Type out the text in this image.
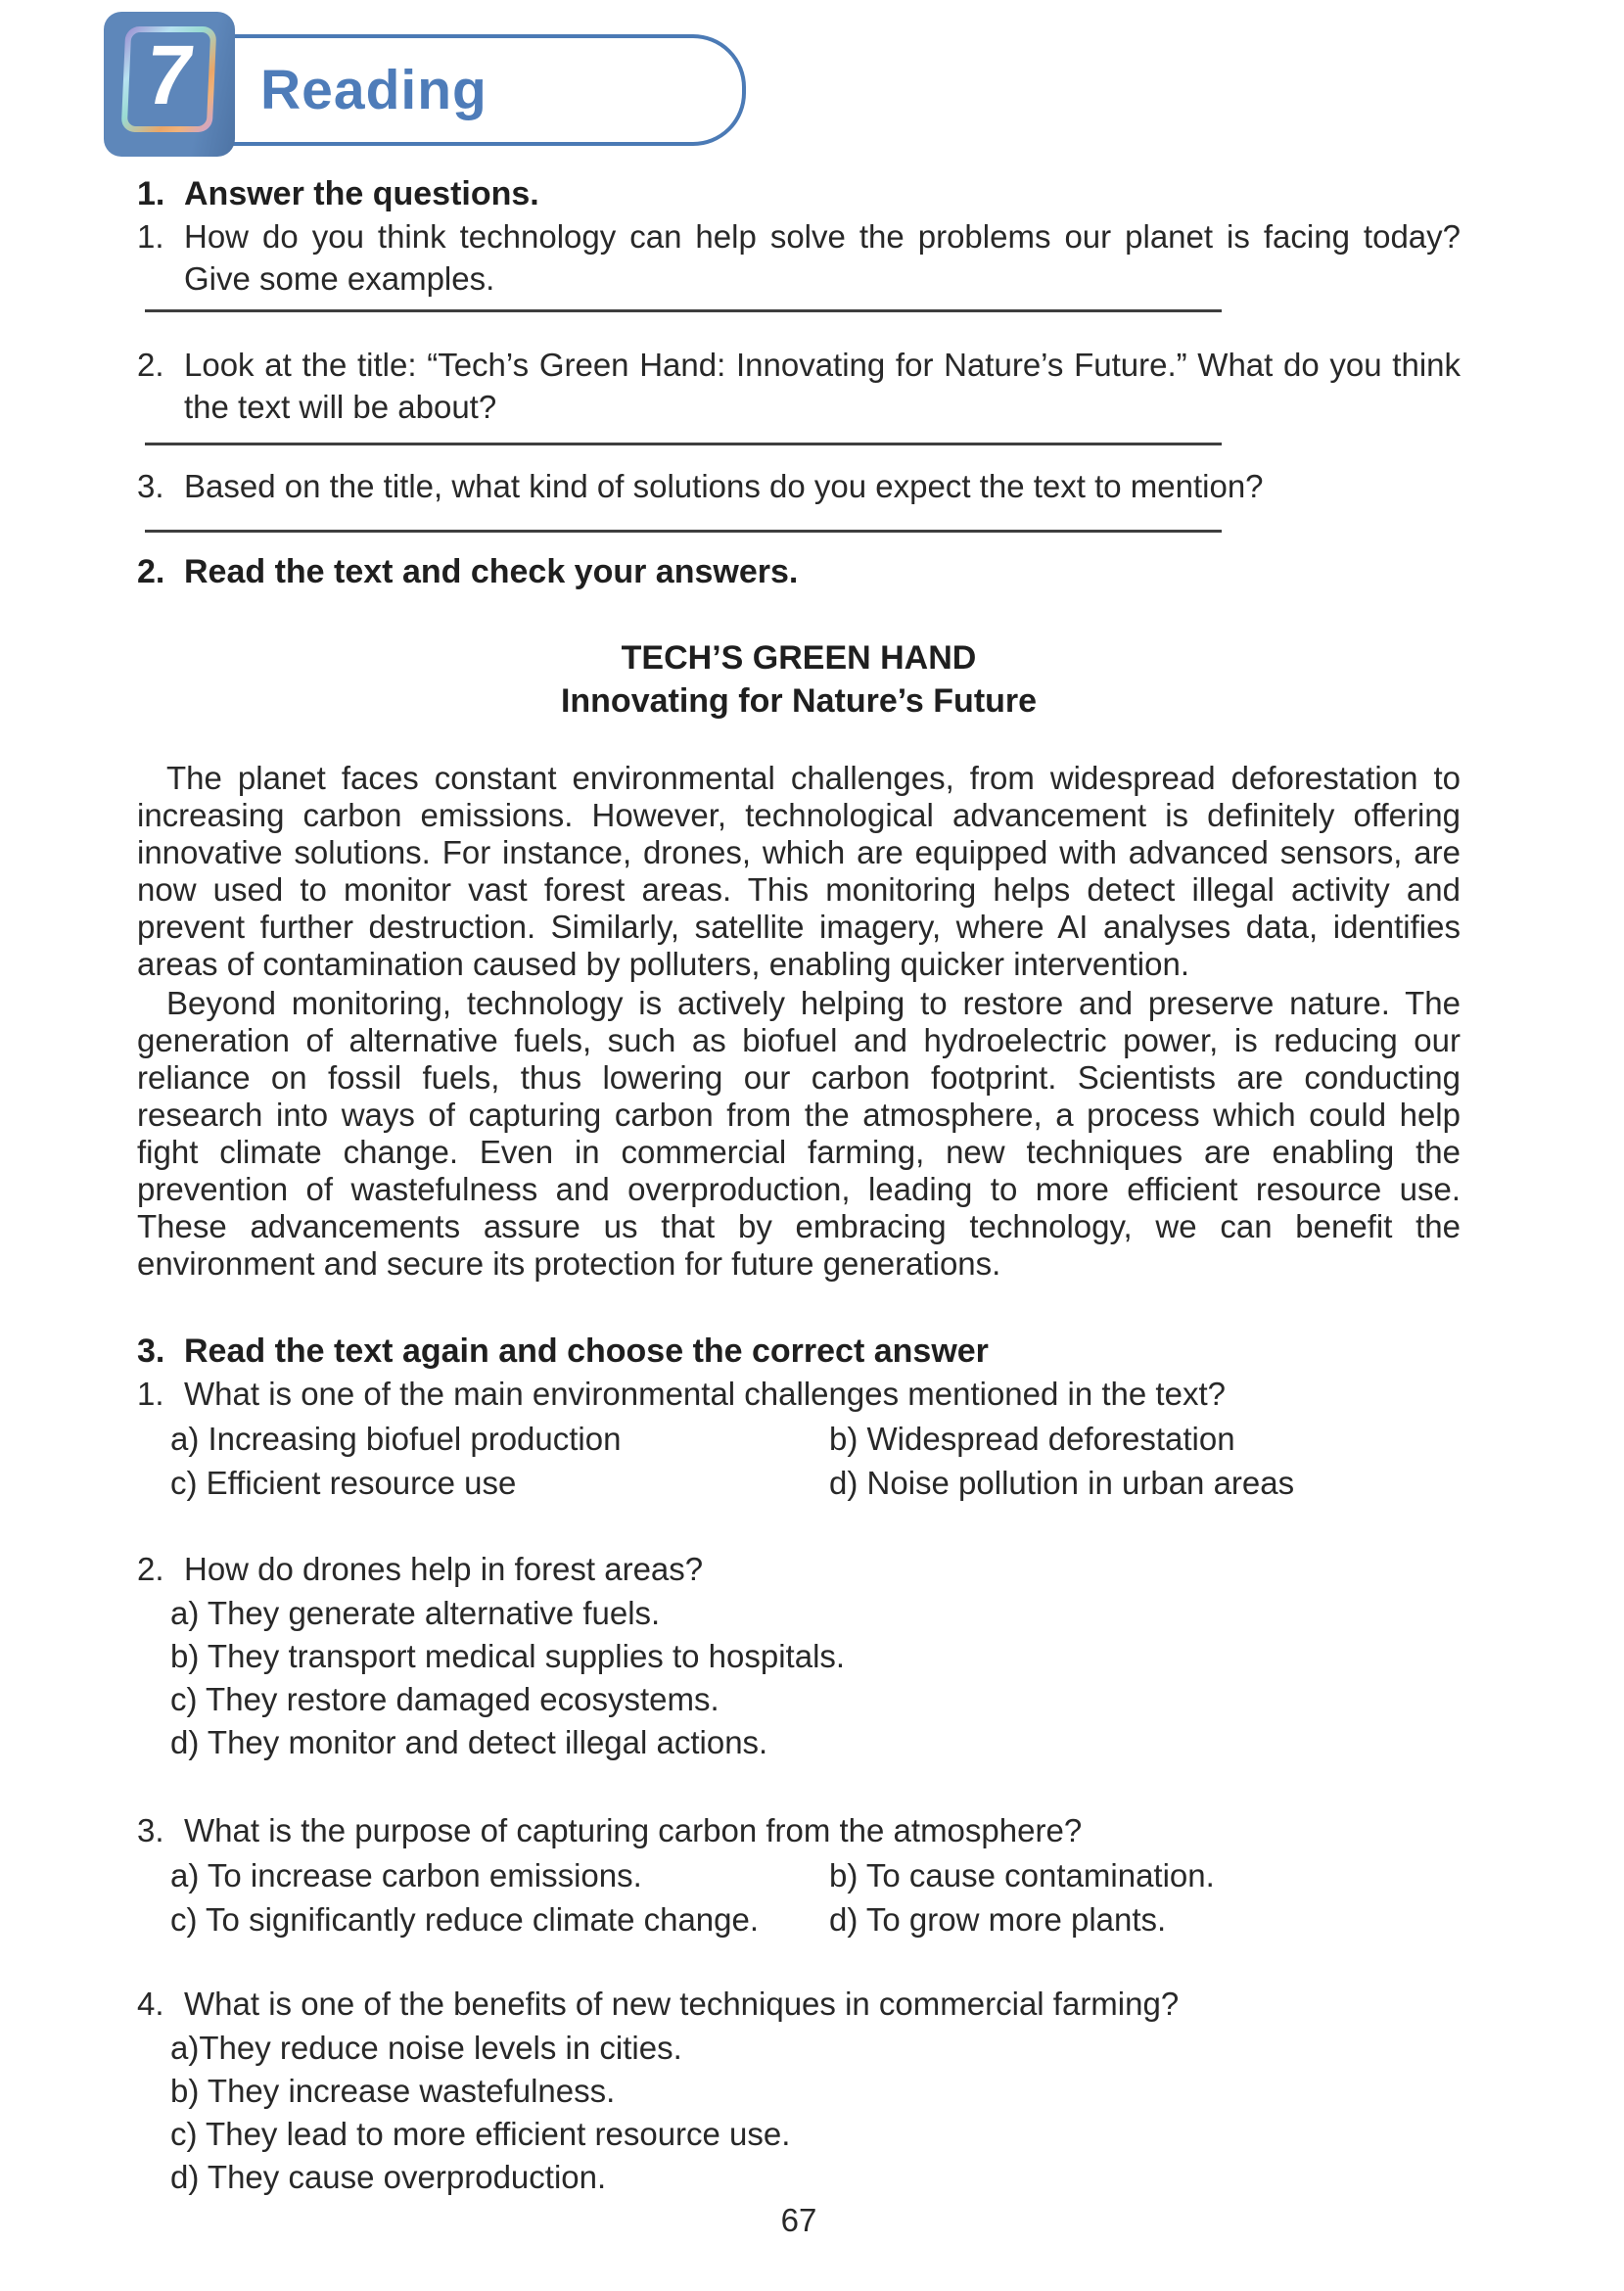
Reading
7
1. Answer the questions.
1. How do you think technology can help solve the problems our planet is facing today? Give some examples.
2. Look at the title: “Tech’s Green Hand: Innovating for Nature’s Future.” What do you think the text will be about?
3. Based on the title, what kind of solutions do you expect the text to mention?
2. Read the text and check your answers.
TECH’S GREEN HAND
Innovating for Nature’s Future

The planet faces constant environmental challenges, from widespread deforestation to increasing carbon emissions. However, technological advancement is definitely offering innovative solutions. For instance, drones, which are equipped with advanced sensors, are now used to monitor vast forest areas. This monitoring helps detect illegal activity and prevent further destruction. Similarly, satellite imagery, where AI analyses data, identifies areas of contamination caused by polluters, enabling quicker intervention.

Beyond monitoring, technology is actively helping to restore and preserve nature. The generation of alternative fuels, such as biofuel and hydroelectric power, is reducing our reliance on fossil fuels, thus lowering our carbon footprint. Scientists are conducting research into ways of capturing carbon from the atmosphere, a process which could help fight climate change. Even in commercial farming, new techniques are enabling the prevention of wastefulness and overproduction, leading to more efficient resource use. These advancements assure us that by embracing technology, we can benefit the environment and secure its protection for future generations.

3. Read the text again and choose the correct answer
1. What is one of the main environmental challenges mentioned in the text?
a) Increasing biofuel production	b) Widespread deforestation
c) Efficient resource use	d) Noise pollution in urban areas
2. How do drones help in forest areas?
a) They generate alternative fuels.
b) They transport medical supplies to hospitals.
c) They restore damaged ecosystems.
d) They monitor and detect illegal actions.
3. What is the purpose of capturing carbon from the atmosphere?
a) To increase carbon emissions.	b) To cause contamination.
c) To significantly reduce climate change.	d) To grow more plants.
4. What is one of the benefits of new techniques in commercial farming?
a)They reduce noise levels in cities.
b) They increase wastefulness.
c) They lead to more efficient resource use.
d) They cause overproduction.
67
